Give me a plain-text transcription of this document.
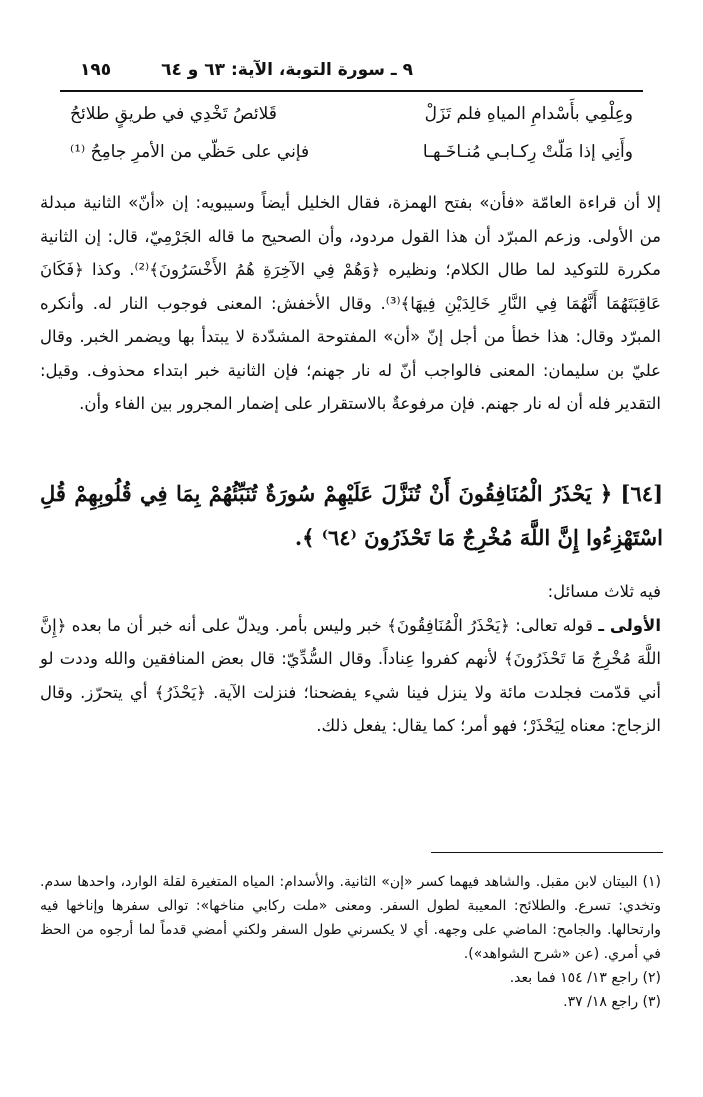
١٩٥	٩ ـ سورة التوبة، الآية: ٦٣ و ٦٤
وعِلْمِي بأَسْدامِ المياهِ فلم تَزَلْ
قَلائصُ تَخْدِي في طريقٍ طلائحُ
وأَنِي إذا مَلّتْ رِكـابـي مُنـاخَـهـا
فإني على حَظّي من الأمرِ جامِحُ ⁽¹⁾
إلا أن قراءة العامّة «فأن» بفتح الهمزة، فقال الخليل أيضاً وسيبويه: إن «أنّ» الثانية مبدلة من الأولى. وزعم المبرّد أن هذا القول مردود، وأن الصحيح ما قاله الجَرْمِيّ، قال: إن الثانية مكررة للتوكيد لما طال الكلام؛ ونظيره ﴿وَهُمْ فِي الآخِرَةِ هُمُ الأَخْسَرُونَ﴾⁽²⁾. وكذا ﴿فَكَانَ عَاقِبَتَهُمَا أَنَّهُمَا فِي النَّارِ خَالِدَيْنِ فِيهَا﴾⁽³⁾. وقال الأخفش: المعنى فوجوب النار له. وأنكره المبرّد وقال: هذا خطأ من أجل إنّ «أن» المفتوحة المشدّدة لا يبتدأ بها ويضمر الخبر. وقال عليّ بن سليمان: المعنى فالواجب أنّ له نار جهنم؛ فإن الثانية خبر ابتداء محذوف. وقيل: التقدير فله أن له نار جهنم. فإن مرفوعةٌ بالاستقرار على إضمار المجرور بين الفاء وأن.
[٦٤] ﴿ يَحْذَرُ الْمُنَافِقُونَ أَنْ تُنَزَّلَ عَلَيْهِمْ سُورَةٌ تُنَبِّئُهُمْ بِمَا فِي قُلُوبِهِمْ قُلِ اسْتَهْزِءُوا إِنَّ اللَّهَ مُخْرِجٌ مَا تَحْذَرُونَ ⁽٦٤⁾ ﴾.
فيه ثلاث مسائل:
الأولى ـ قوله تعالى: ﴿يَحْذَرُ الْمُنَافِقُونَ﴾ خبر وليس بأمر. ويدلّ على أنه خبر أن ما بعده ﴿إِنَّ اللَّهَ مُخْرِجٌ مَا تَحْذَرُونَ﴾ لأنهم كفروا عِناداً. وقال السُّدِّيّ: قال بعض المنافقين والله وددت لو أني قدّمت فجلدت مائة ولا ينزل فينا شيء يفضحنا؛ فنزلت الآية. ﴿يَحْذَرُ﴾ أي يتحرّز. وقال الزجاج: معناه لِيَحْذَرْ؛ فهو أمر؛ كما يقال: يفعل ذلك.
(١) البيتان لابن مقبل. والشاهد فيهما كسر «إن» الثانية. والأسدام: المياه المتغيرة لقلة الوارد، واحدها سدم. وتخدي: تسرع. والطلائح: المعيبة لطول السفر. ومعنى «ملت ركابي مناخها»: توالى سفرها وإناخها فيه وارتحالها. والجامح: الماضي على وجهه. أي لا يكسرني طول السفر ولكني أمضي قدماً لما أرجوه من الحظ في أمري. (عن «شرح الشواهد»).
(٢) راجع ١٣/ ١٥٤ فما بعد.
(٣) راجع ١٨/ ٣٧.
